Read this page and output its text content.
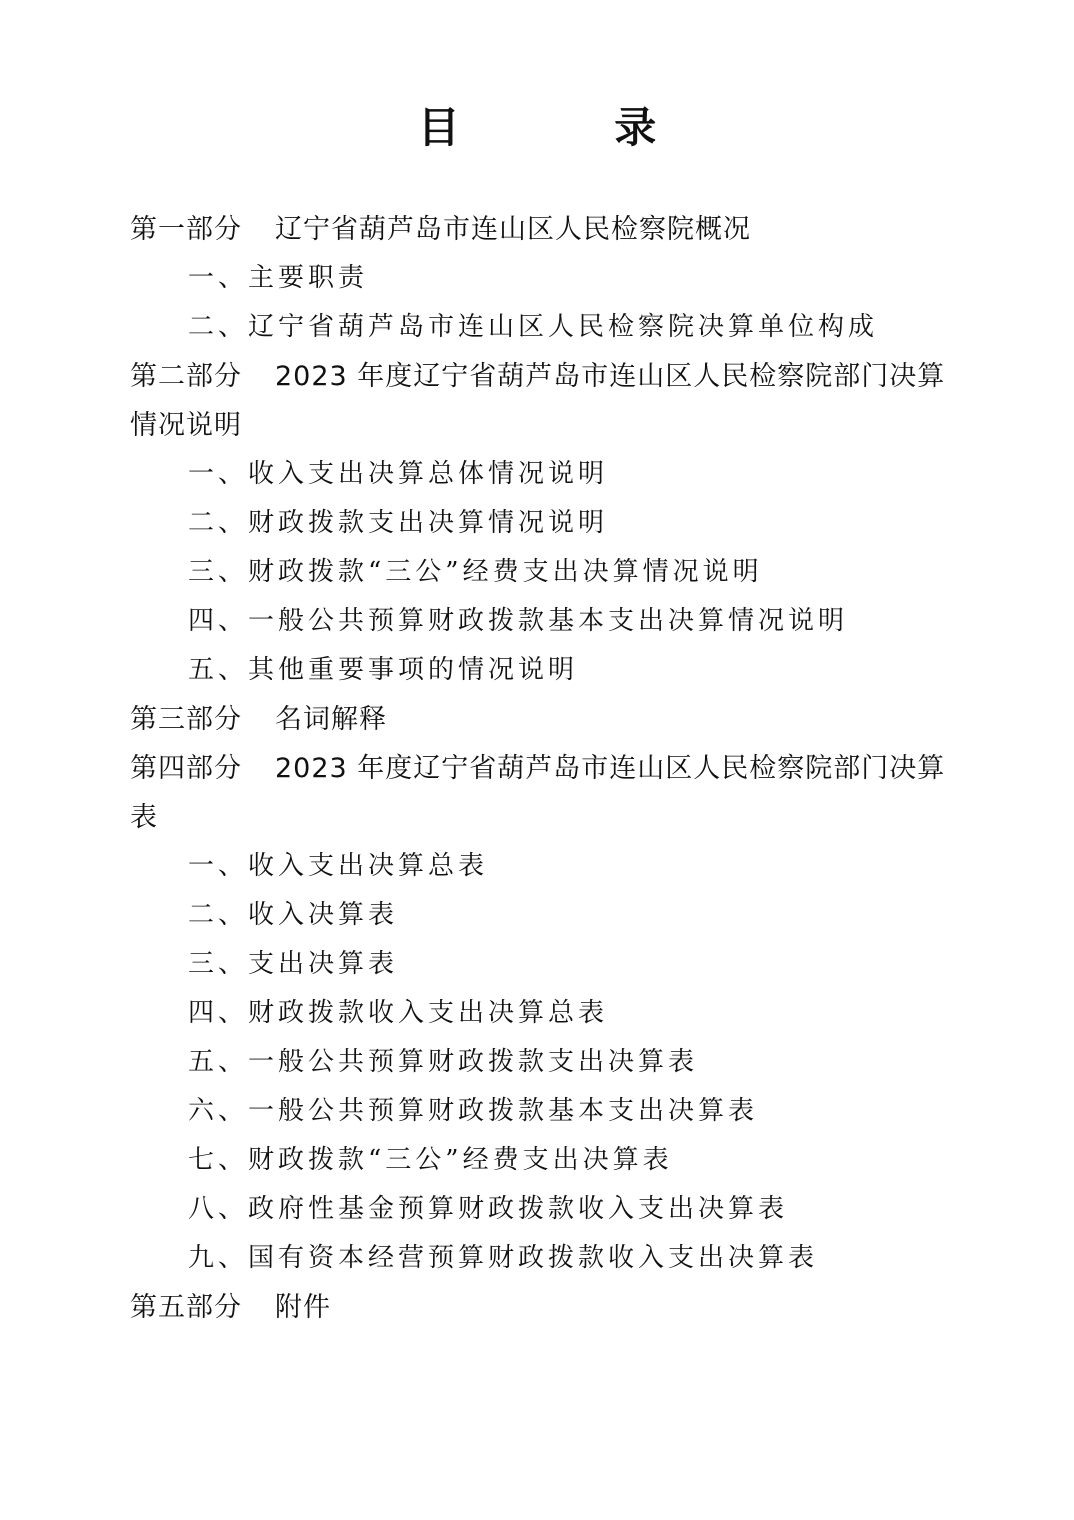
目 录
第一部分 辽宁省葫芦岛市连山区人民检察院概况
一、主要职责
二、辽宁省葫芦岛市连山区人民检察院决算单位构成
第二部分 2023 年度辽宁省葫芦岛市连山区人民检察院部门决算
情况说明
一、收入支出决算总体情况说明
二、财政拨款支出决算情况说明
三、财政拨款“三公”经费支出决算情况说明
四、一般公共预算财政拨款基本支出决算情况说明
五、其他重要事项的情况说明
第三部分 名词解释
第四部分 2023 年度辽宁省葫芦岛市连山区人民检察院部门决算
表
一、收入支出决算总表
二、收入决算表
三、支出决算表
四、财政拨款收入支出决算总表
五、一般公共预算财政拨款支出决算表
六、一般公共预算财政拨款基本支出决算表
七、财政拨款“三公”经费支出决算表
八、政府性基金预算财政拨款收入支出决算表
九、国有资本经营预算财政拨款收入支出决算表
第五部分 附件
